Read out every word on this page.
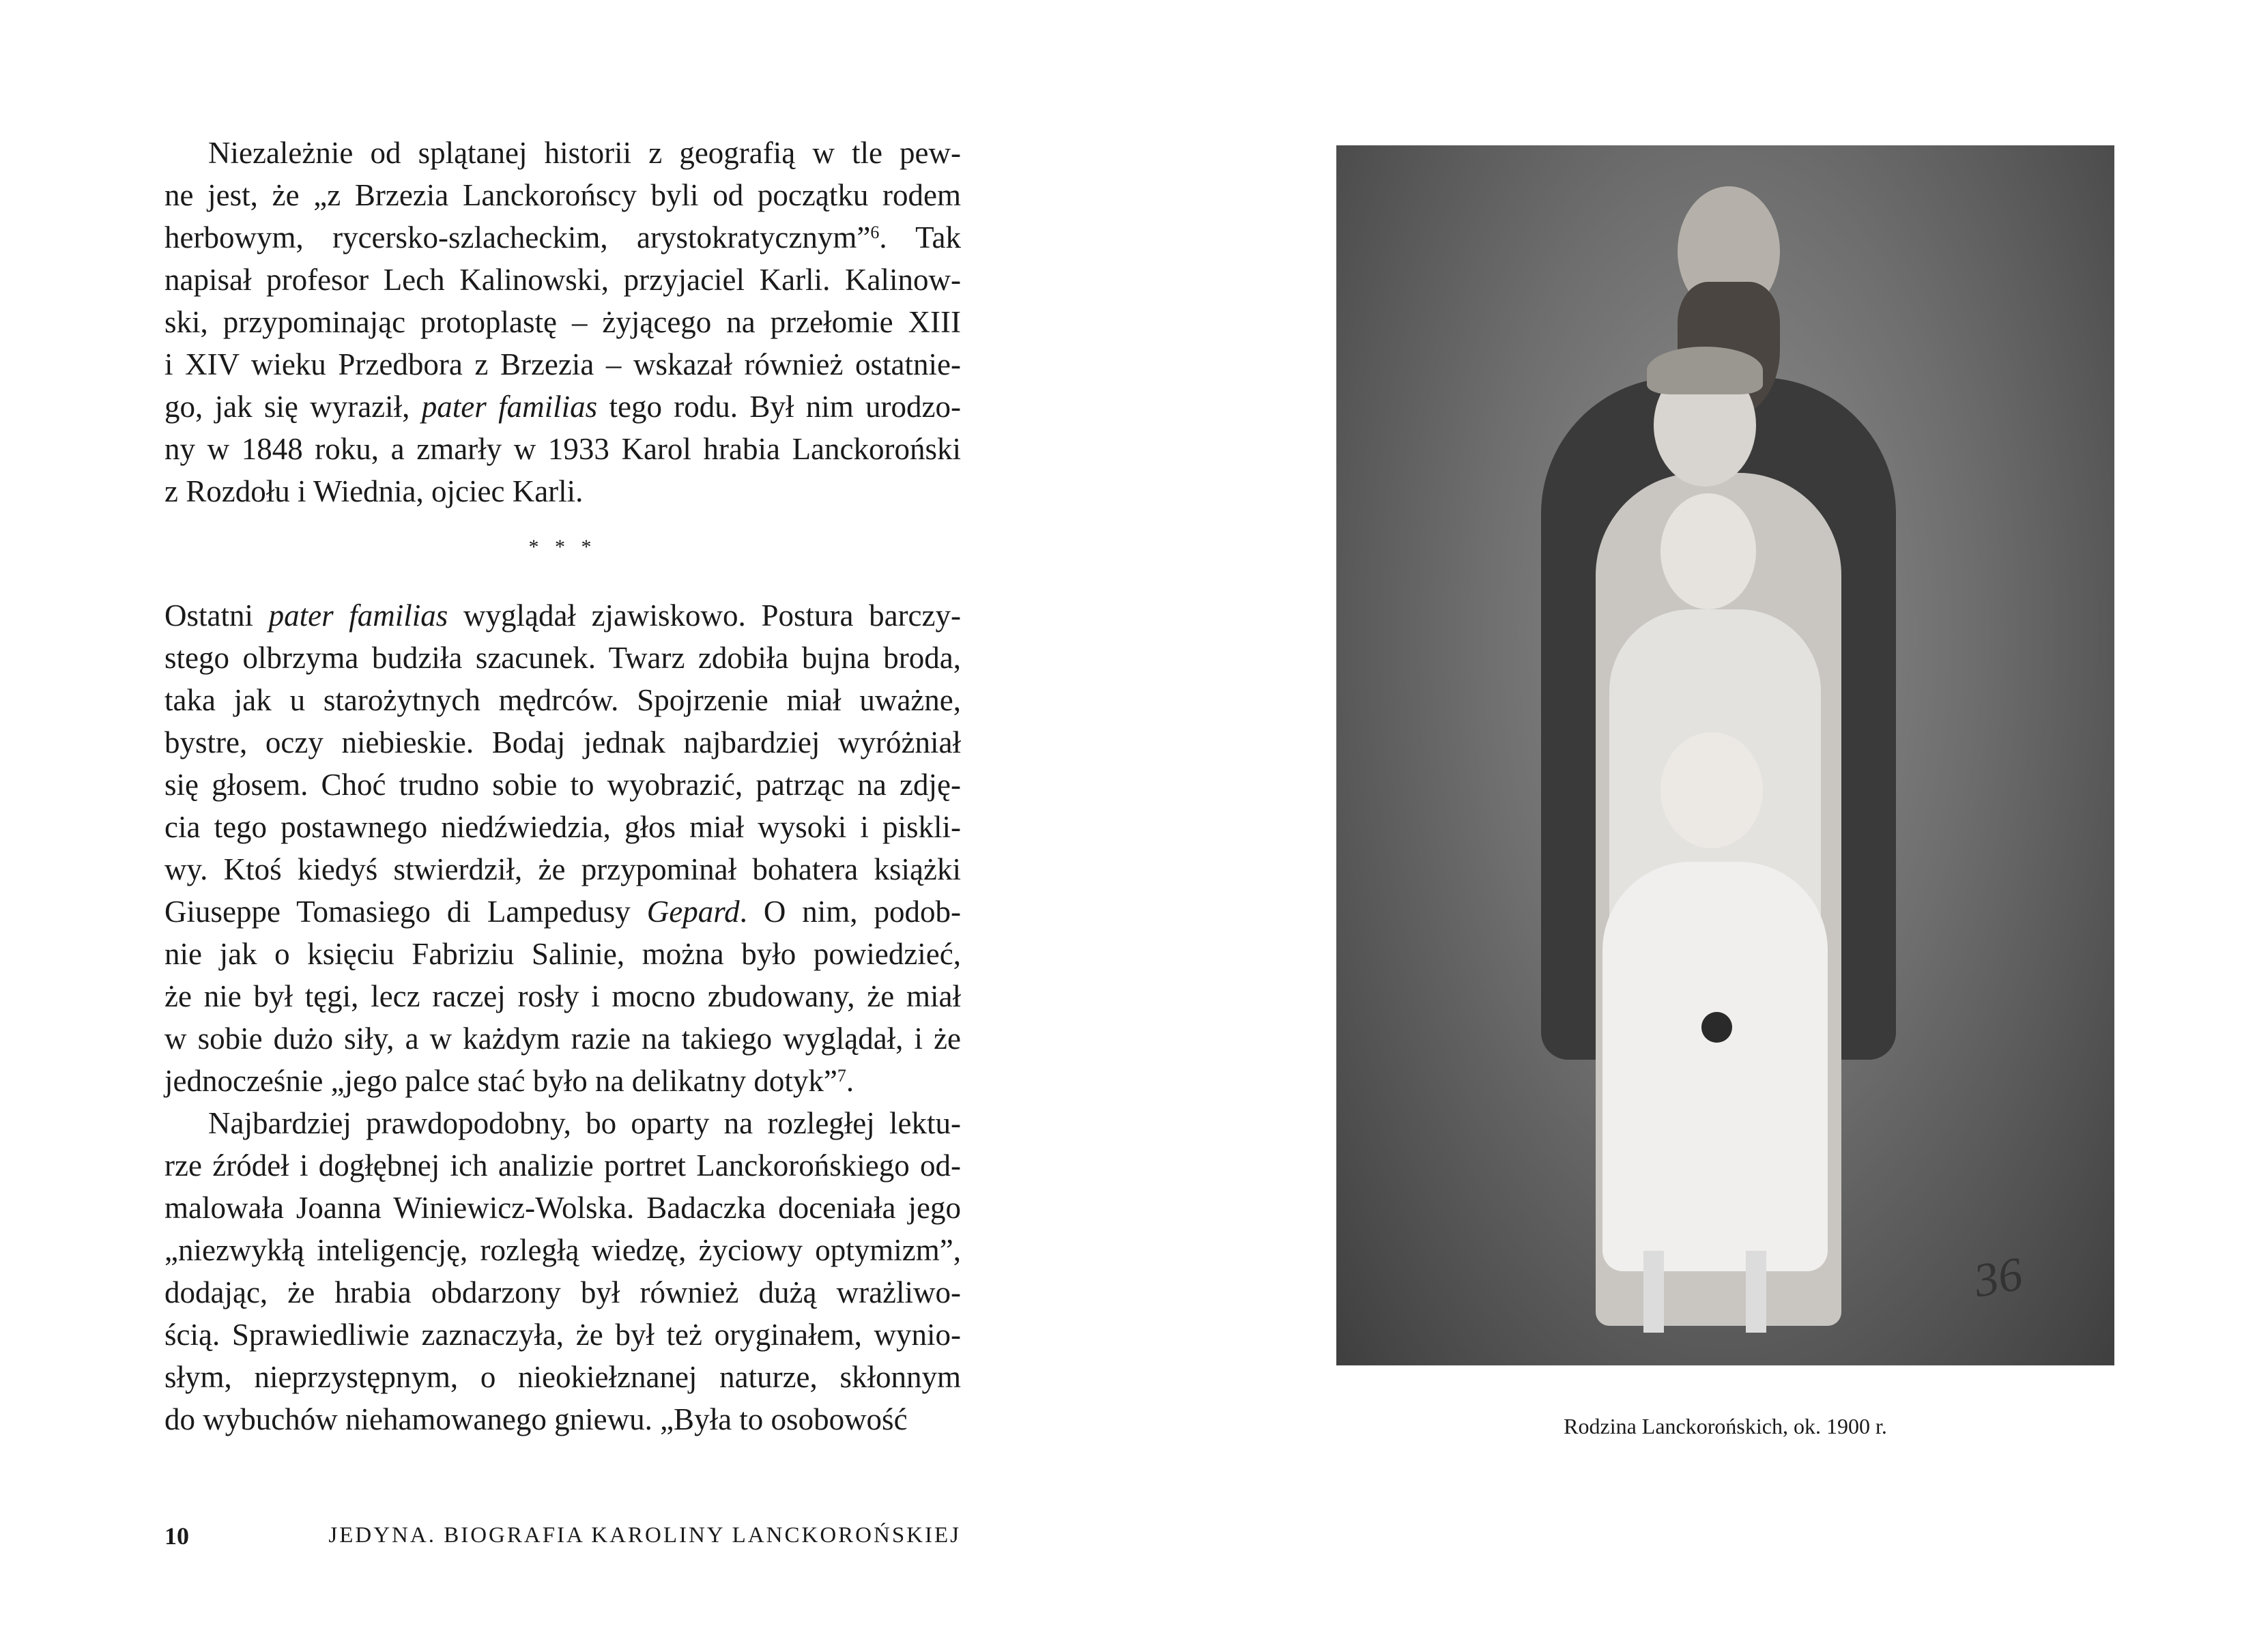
Niezależnie od splątanej historii z geografią w tle pew-
ne jest, że „z Brzezia Lanckorońscy byli od początku rodem
herbowym, rycersko-szlacheckim, arystokratycznym”$^6$. Tak
napisał profesor Lech Kalinowski, przyjaciel Karli. Kalinow-
ski, przypominając protoplastę – żyjącego na przełomie XIII
i XIV wieku Przedbora z Brzezia – wskazał również ostatnie-
go, jak się wyraził, pater familias tego rodu. Był nim urodzo-
ny w 1848 roku, a zmarły w 1933 Karol hrabia Lanckoroński
z Rozdołu i Wiednia, ojciec Karli.
* * *
Ostatni pater familias wyglądał zjawiskowo. Postura barczy-
stego olbrzyma budziła szacunek. Twarz zdobiła bujna broda,
taka jak u starożytnych mędrców. Spojrzenie miał uważne,
bystre, oczy niebieskie. Bodaj jednak najbardziej wyróżniał
się głosem. Choć trudno sobie to wyobrazić, patrząc na zdję-
cia tego postawnego niedźwiedzia, głos miał wysoki i piskli-
wy. Ktoś kiedyś stwierdził, że przypominał bohatera książki
Giuseppe Tomasiego di Lampedusy Gepard. O nim, podob-
nie jak o księciu Fabriziu Salinie, można było powiedzieć,
że nie był tęgi, lecz raczej rosły i mocno zbudowany, że miał
w sobie dużo siły, a w każdym razie na takiego wyglądał, i że
jednocześnie „jego palce stać było na delikatny dotyk”$^7$.
Najbardziej prawdopodobny, bo oparty na rozległej lektu-
rze źródeł i dogłębnej ich analizie portret Lanckorońskiego od-
malowała Joanna Winiewicz-Wolska. Badaczka doceniała jego
„niezwykłą inteligencję, rozległą wiedzę, życiowy optymizm”,
dodając, że hrabia obdarzony był również dużą wrażliwo-
ścią. Sprawiedliwie zaznaczyła, że był też oryginałem, wynio-
słym, nieprzystępnym, o nieokiełznanej naturze, skłonnym
do wybuchów niehamowanego gniewu. „Była to osobowość
36
Rodzina Lanckorońskich, ok. 1900 r.
10	JEDYNA. BIOGRAFIA KAROLINY LANCKOROŃSKIEJ
